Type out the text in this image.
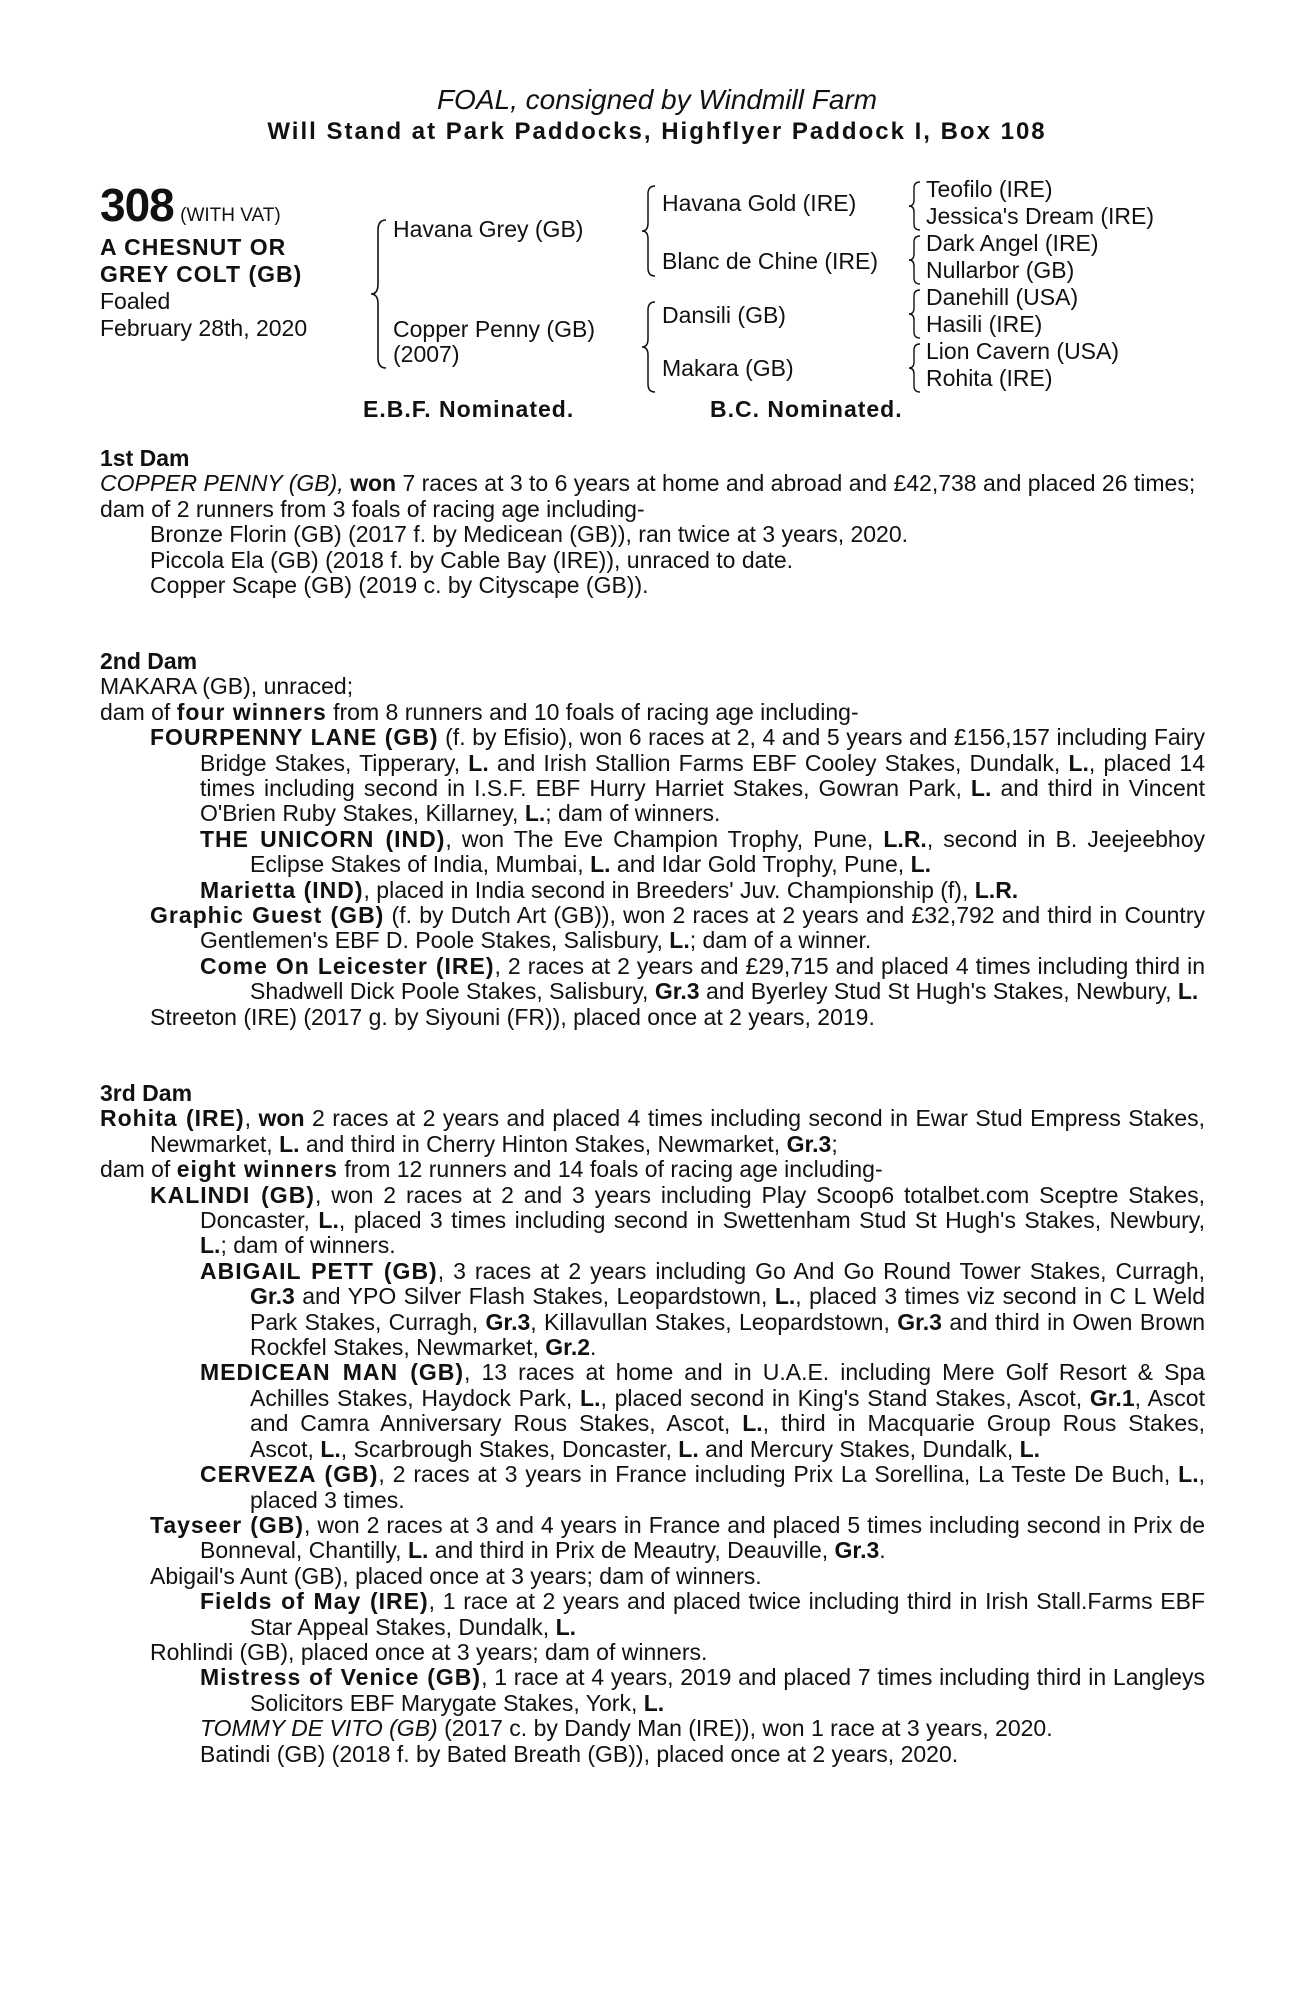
FOAL, consigned by Windmill Farm
Will Stand at Park Paddocks, Highflyer Paddock I, Box 108
308 (WITH VAT)
A CHESNUT OR
GREY COLT (GB)
Foaled
February 28th, 2020
Havana Grey (GB)
Copper Penny (GB)
(2007)
Havana Gold (IRE)
Blanc de Chine (IRE)
Dansili (GB)
Makara (GB)
Teofilo (IRE)
Jessica's Dream (IRE)
Dark Angel (IRE)
Nullarbor (GB)
Danehill (USA)
Hasili (IRE)
Lion Cavern (USA)
Rohita (IRE)
E.B.F. Nominated.	B.C. Nominated.

1st Dam

COPPER PENNY (GB), won 7 races at 3 to 6 years at home and abroad and £42,738 and placed 26 times;

dam of 2 runners from 3 foals of racing age including-

Bronze Florin (GB) (2017 f. by Medicean (GB)), ran twice at 3 years, 2020.

Piccola Ela (GB) (2018 f. by Cable Bay (IRE)), unraced to date.

Copper Scape (GB) (2019 c. by Cityscape (GB)).

2nd Dam

MAKARA (GB), unraced;

dam of four winners from 8 runners and 10 foals of racing age including-

FOURPENNY LANE (GB) (f. by Efisio), won 6 races at 2, 4 and 5 years and £156,157 including Fairy Bridge Stakes, Tipperary, L. and Irish Stallion Farms EBF Cooley Stakes, Dundalk, L., placed 14 times including second in I.S.F. EBF Hurry Harriet Stakes, Gowran Park, L. and third in Vincent O'Brien Ruby Stakes, Killarney, L.; dam of winners.

THE UNICORN (IND), won The Eve Champion Trophy, Pune, L.R., second in B. Jeejeebhoy Eclipse Stakes of India, Mumbai, L. and Idar Gold Trophy, Pune, L.

Marietta (IND), placed in India second in Breeders' Juv. Championship (f), L.R.

Graphic Guest (GB) (f. by Dutch Art (GB)), won 2 races at 2 years and £32,792 and third in Country Gentlemen's EBF D. Poole Stakes, Salisbury, L.; dam of a winner.

Come On Leicester (IRE), 2 races at 2 years and £29,715 and placed 4 times including third in Shadwell Dick Poole Stakes, Salisbury, Gr.3 and Byerley Stud St Hugh's Stakes, Newbury, L.

Streeton (IRE) (2017 g. by Siyouni (FR)), placed once at 2 years, 2019.

3rd Dam

Rohita (IRE), won 2 races at 2 years and placed 4 times including second in Ewar Stud Empress Stakes, Newmarket, L. and third in Cherry Hinton Stakes, Newmarket, Gr.3;

dam of eight winners from 12 runners and 14 foals of racing age including-

KALINDI (GB), won 2 races at 2 and 3 years including Play Scoop6 totalbet.com Sceptre Stakes, Doncaster, L., placed 3 times including second in Swettenham Stud St Hugh's Stakes, Newbury, L.; dam of winners.

ABIGAIL PETT (GB), 3 races at 2 years including Go And Go Round Tower Stakes, Curragh, Gr.3 and YPO Silver Flash Stakes, Leopardstown, L., placed 3 times viz second in C L Weld Park Stakes, Curragh, Gr.3, Killavullan Stakes, Leopardstown, Gr.3 and third in Owen Brown Rockfel Stakes, Newmarket, Gr.2.

MEDICEAN MAN (GB), 13 races at home and in U.A.E. including Mere Golf Resort & Spa Achilles Stakes, Haydock Park, L., placed second in King's Stand Stakes, Ascot, Gr.1, Ascot and Camra Anniversary Rous Stakes, Ascot, L., third in Macquarie Group Rous Stakes, Ascot, L., Scarbrough Stakes, Doncaster, L. and Mercury Stakes, Dundalk, L.

CERVEZA (GB), 2 races at 3 years in France including Prix La Sorellina, La Teste De Buch, L., placed 3 times.

Tayseer (GB), won 2 races at 3 and 4 years in France and placed 5 times including second in Prix de Bonneval, Chantilly, L. and third in Prix de Meautry, Deauville, Gr.3.

Abigail's Aunt (GB), placed once at 3 years; dam of winners.

Fields of May (IRE), 1 race at 2 years and placed twice including third in Irish Stall.Farms EBF Star Appeal Stakes, Dundalk, L.

Rohlindi (GB), placed once at 3 years; dam of winners.

Mistress of Venice (GB), 1 race at 4 years, 2019 and placed 7 times including third in Langleys Solicitors EBF Marygate Stakes, York, L.

TOMMY DE VITO (GB) (2017 c. by Dandy Man (IRE)), won 1 race at 3 years, 2020.

Batindi (GB) (2018 f. by Bated Breath (GB)), placed once at 2 years, 2020.
